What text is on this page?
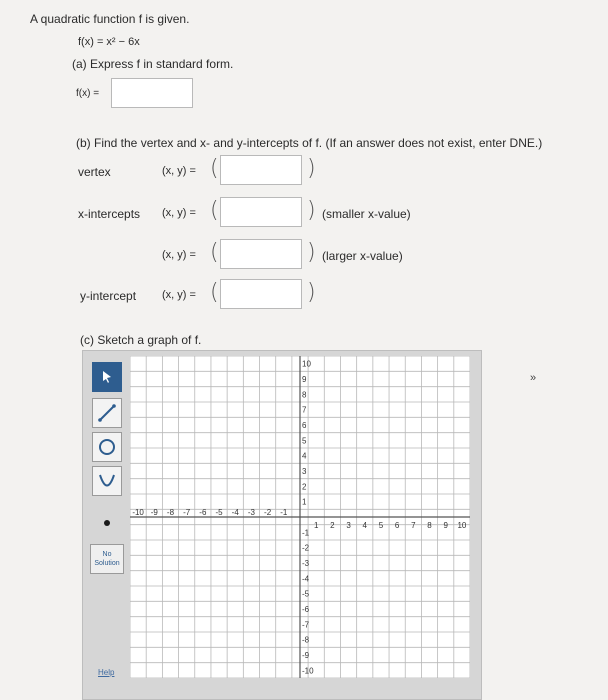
A quadratic function f is given.
f(x) = x² − 6x
(a) Express f in standard form.
f(x) =
(b) Find the vertex and x- and y-intercepts of f. (If an answer does not exist, enter DNE.)
vertex	(x, y) = (	)
x-intercepts (x, y) = (	) (smaller x-value)
(x, y) = (	) (larger x-value)
y-intercept (x, y) = (	)
(c) Sketch a graph of f.
No Solution
Help
-10 -9 -8 -7 -6 -5 -4 -3 -2 -1
1 2 3 4 5 6 7 8 9 10
10
9
8
7
6
5
4
3
2
1
-1
-2
-3
-4
-5
-6
-7
-8
-9
-10
»
